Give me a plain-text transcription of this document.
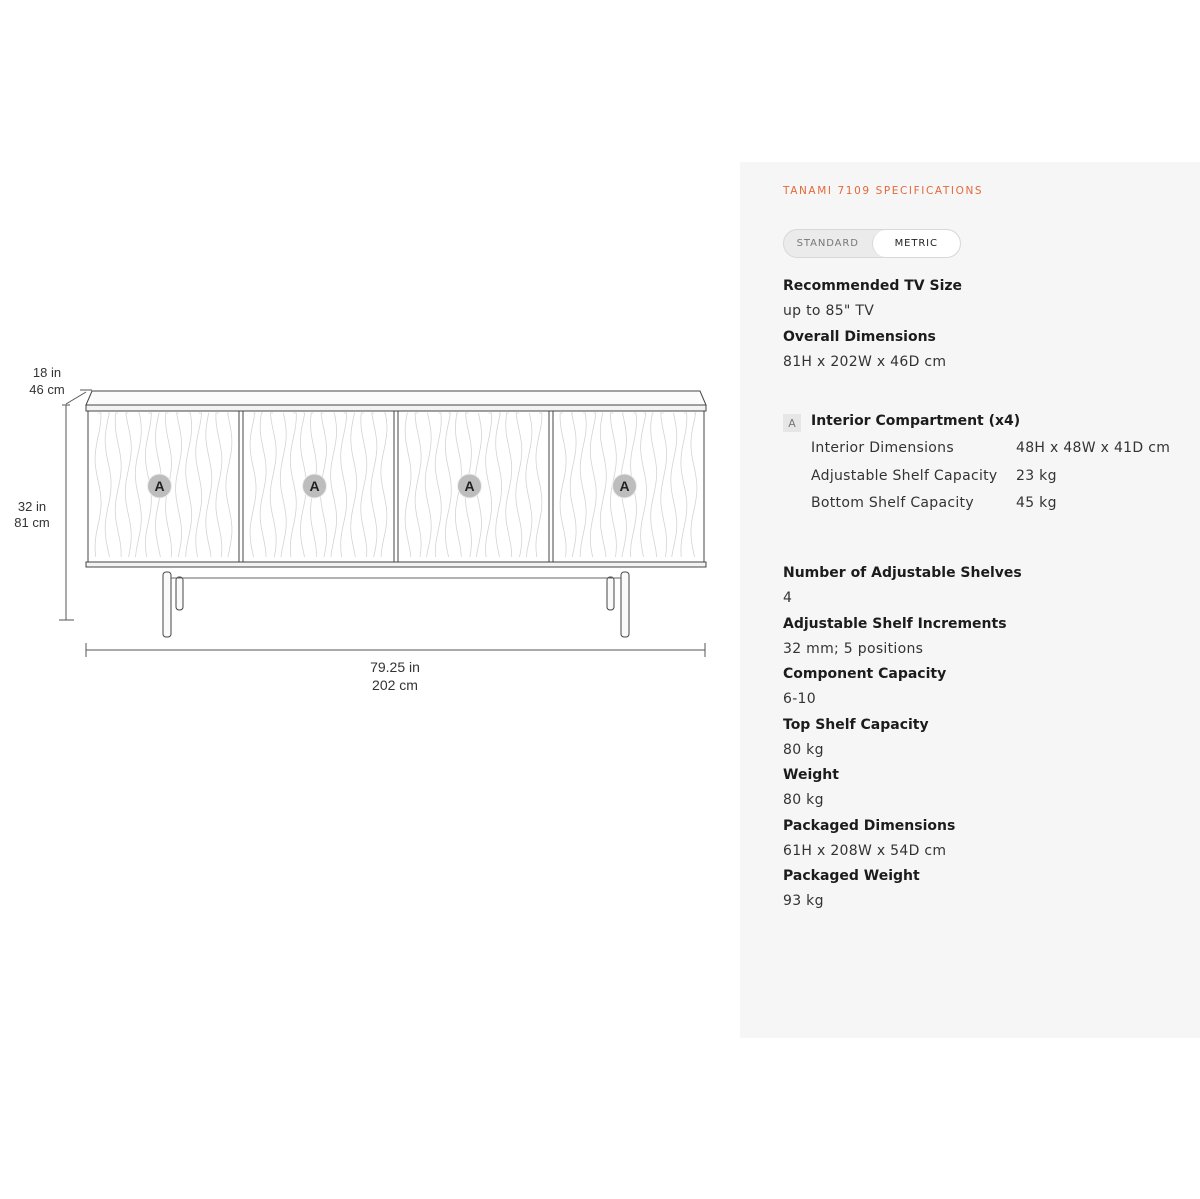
18 in
46 cm
32 in
81 cm
A	A	A	A
79.25 in
202 cm
TANAMI 7109 SPECIFICATIONS
STANDARD	METRIC
Recommended TV Size
up to 85" TV
Overall Dimensions
81H x 202W x 46D cm
A	Interior Compartment (x4)
Interior Dimensions	48H x 48W x 41D cm
Adjustable Shelf Capacity 23 kg
Bottom Shelf Capacity	45 kg
Number of Adjustable Shelves
4
Adjustable Shelf Increments
32 mm; 5 positions
Component Capacity
6-10
Top Shelf Capacity
80 kg
Weight
80 kg
Packaged Dimensions
61H x 208W x 54D cm
Packaged Weight
93 kg
